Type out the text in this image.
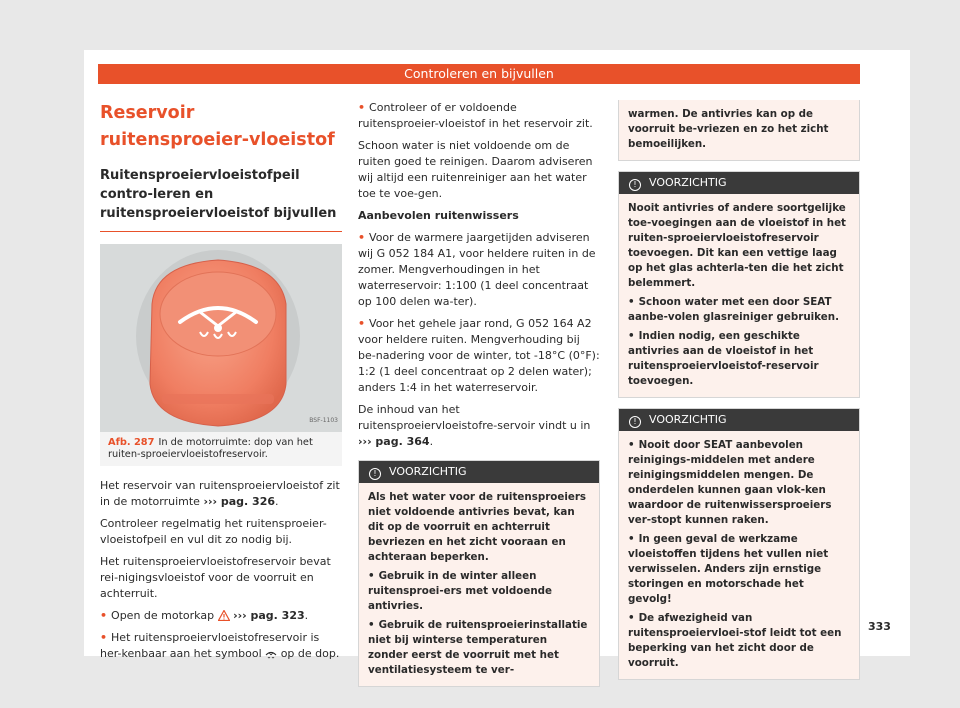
Controleren en bijvullen
Reservoir ruitensproeier-vloeistof
Ruitensproeiervloeistofpeil contro-leren en ruitensproeiervloeistof bijvullen
BSF-1103
Afb. 287 In de motorruimte: dop van het ruiten-sproeiervloeistofreservoir.

Het reservoir van ruitensproeiervloeistof zit in de motorruimte ››› pag. 326.

Controleer regelmatig het ruitensproeier-vloeistofpeil en vul dit zo nodig bij.

Het ruitensproeiervloeistofreservoir bevat rei-nigingsvloeistof voor de voorruit en achterruit.

• Open de motorkap ››› pag. 323.

• Het ruitensproeiervloeistofreservoir is her-kenbaar aan het symbool op de dop.

• Controleer of er voldoende ruitensproeier-vloeistof in het reservoir zit.

Schoon water is niet voldoende om de ruiten goed te reinigen. Daarom adviseren wij altijd een ruitenreiniger aan het water toe te voe-gen.

Aanbevolen ruitenwissers

• Voor de warmere jaargetijden adviseren wij G 052 184 A1, voor heldere ruiten in de zomer. Mengverhoudingen in het waterreservoir: 1:100 (1 deel concentraat op 100 delen wa-ter).

• Voor het gehele jaar rond, G 052 164 A2 voor heldere ruiten. Mengverhouding bij be-nadering voor de winter, tot -18°C (0°F): 1:2 (1 deel concentraat op 2 delen water); anders 1:4 in het waterreservoir.

De inhoud van het ruitensproeiervloeistofre-servoir vindt u in ››› pag. 364.

! VOORZICHTIG

Als het water voor de ruitensproeiers niet voldoende antivries bevat, kan dit op de voorruit en achterruit bevriezen en het zicht vooraan en achteraan beperken.

• Gebruik in de winter alleen ruitensproei-ers met voldoende antivries.

• Gebruik de ruitensproeierinstallatie niet bij winterse temperaturen zonder eerst de voorruit met het ventilatiesysteem te ver-

warmen. De antivries kan op de voorruit be-vriezen en zo het zicht bemoeilijken.

! VOORZICHTIG

Nooit antivries of andere soortgelijke toe-voegingen aan de vloeistof in het ruiten-sproeiervloeistofreservoir toevoegen. Dit kan een vettige laag op het glas achterla-ten die het zicht belemmert.

• Schoon water met een door SEAT aanbe-volen glasreiniger gebruiken.

• Indien nodig, een geschikte antivries aan de vloeistof in het ruitensproeiervloeistof-reservoir toevoegen.

! VOORZICHTIG

• Nooit door SEAT aanbevolen reinigings-middelen met andere reinigingsmiddelen mengen. De onderdelen kunnen gaan vlok-ken waardoor de ruitenwissersproeiers ver-stopt kunnen raken.

• In geen geval de werkzame vloeistoffen tijdens het vullen niet verwisselen. Anders zijn ernstige storingen en motorschade het gevolg!

• De afwezigheid van ruitensproeiervloei-stof leidt tot een beperking van het zicht door de voorruit.

333
